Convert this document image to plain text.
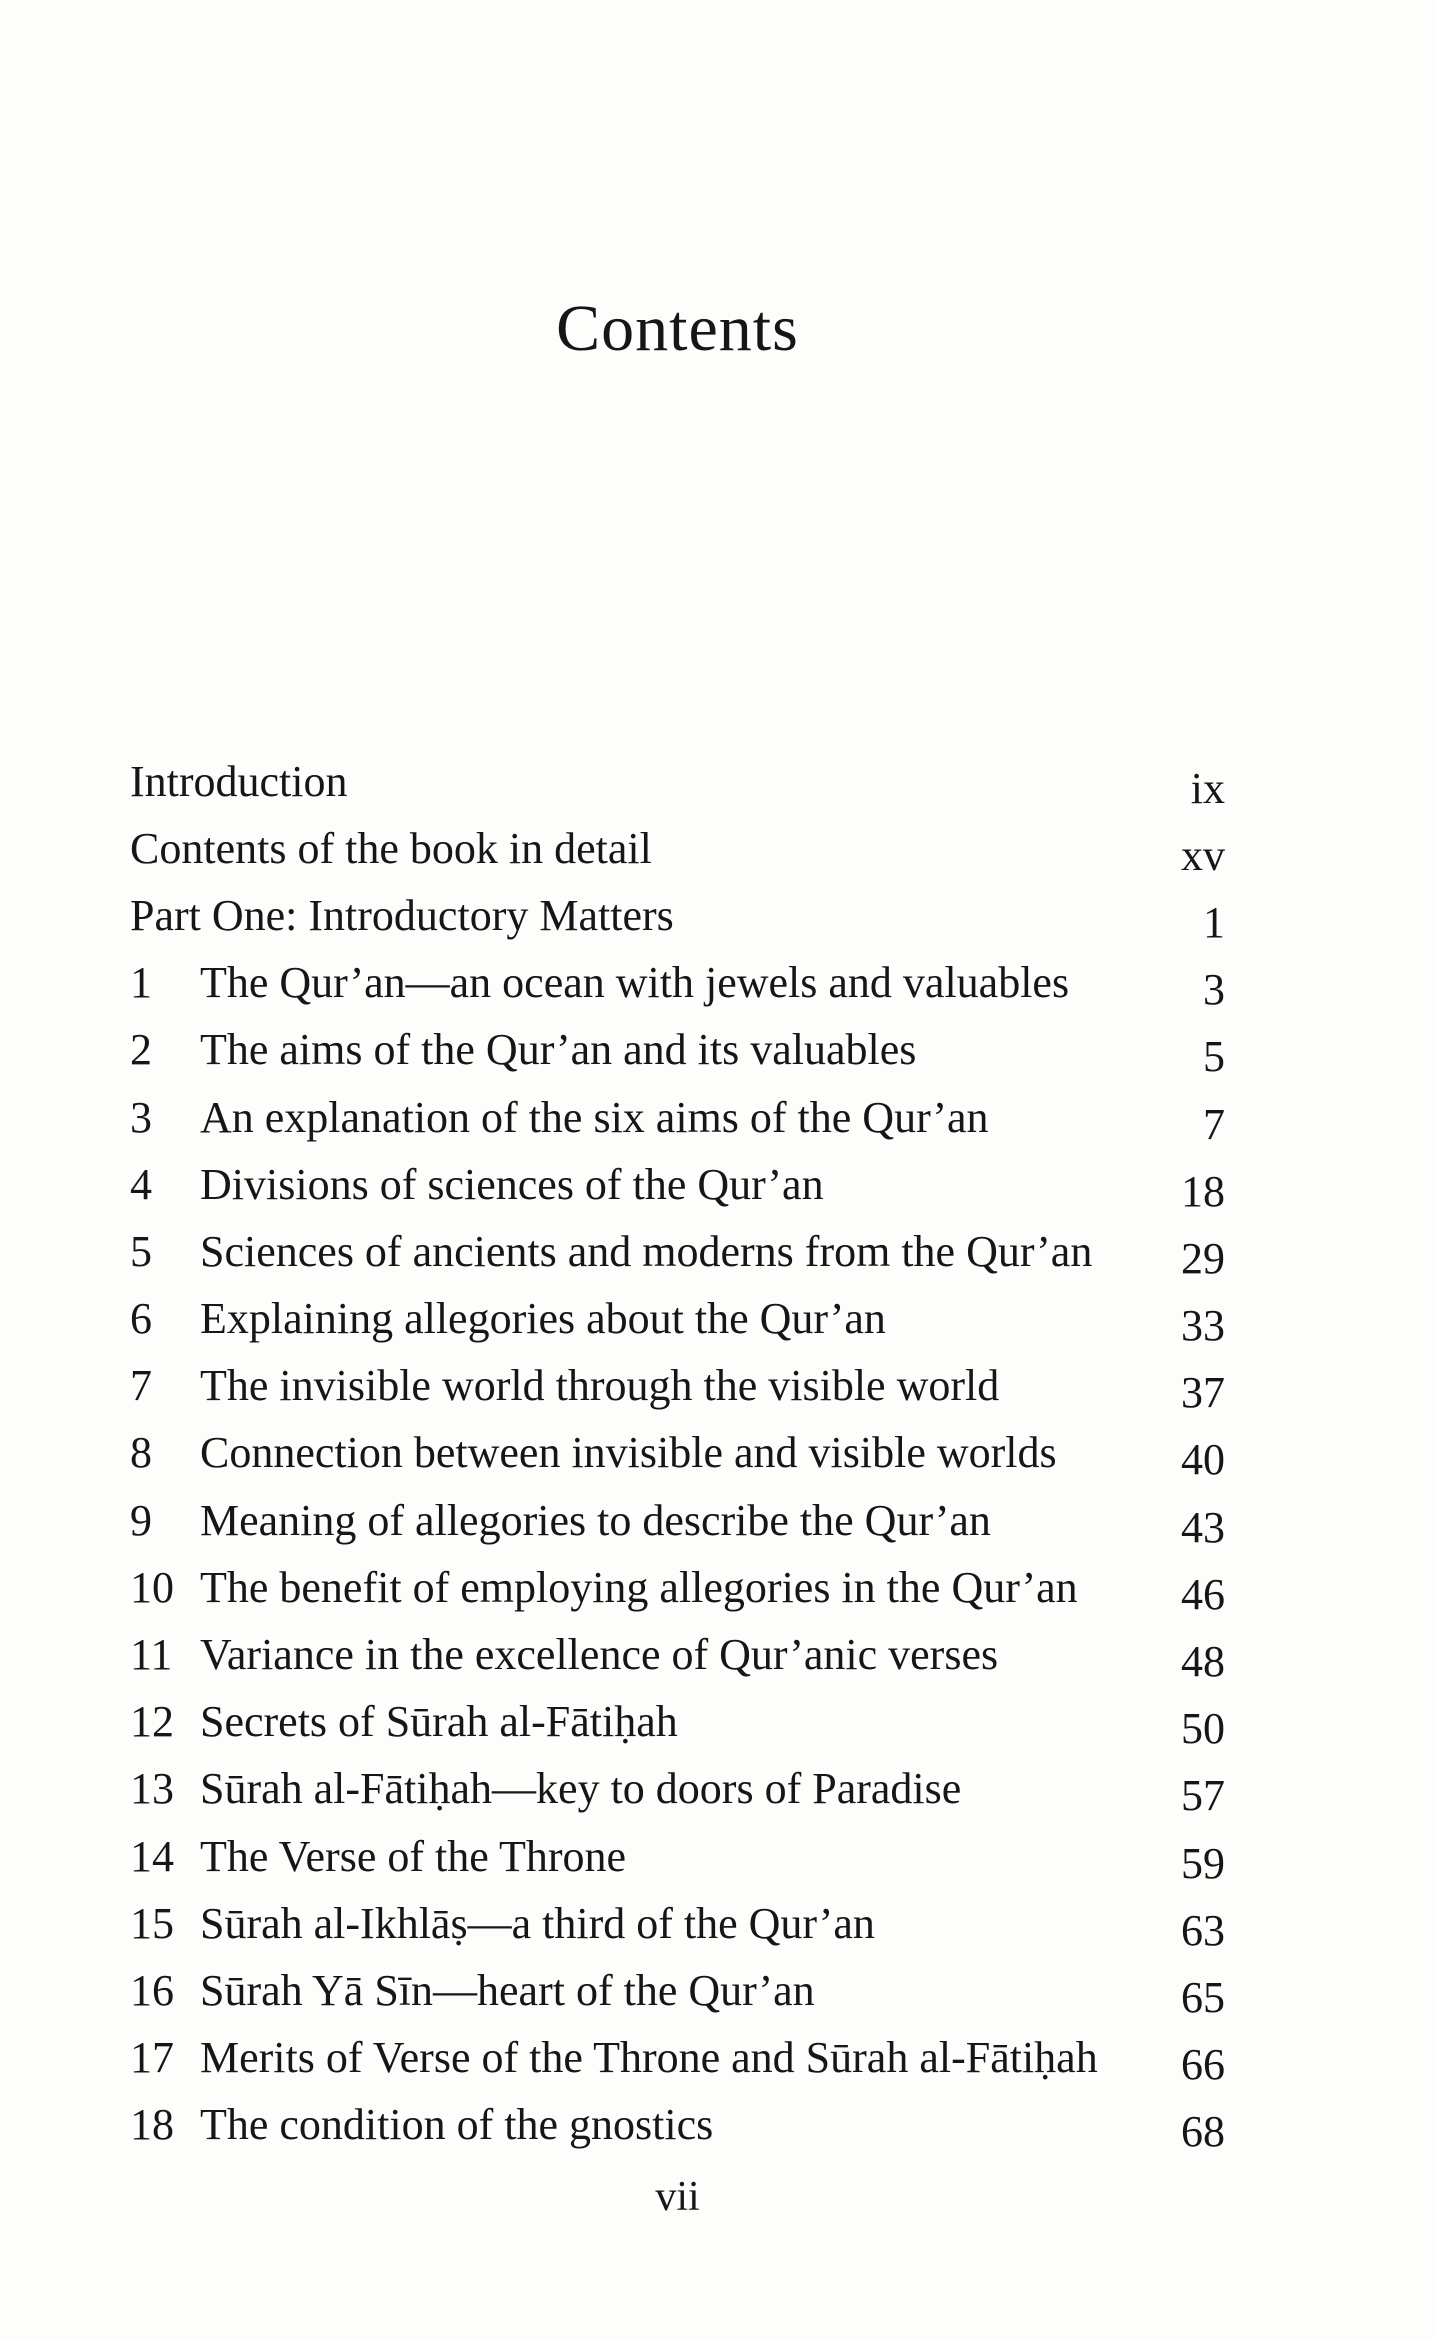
Contents
Introduction	ix
Contents of the book in detail	xv
Part One: Introductory Matters	1
1	The Qur’an—an ocean with jewels and valuables	3
2	The aims of the Qur’an and its valuables	5
3	An explanation of the six aims of the Qur’an	7
4	Divisions of sciences of the Qur’an	18
5	Sciences of ancients and moderns from the Qur’an 29
6	Explaining allegories about the Qur’an	33
7	The invisible world through the visible world	37
8	Connection between invisible and visible worlds	40
9	Meaning of allegories to describe the Qur’an	43
10 The benefit of employing allegories in the Qur’an 46
11 Variance in the excellence of Qur’anic verses	48
12 Secrets of Sūrah al-Fātiḥah	50
13 Sūrah al-Fātiḥah—key to doors of Paradise	57
14 The Verse of the Throne	59
15 Sūrah al-Ikhlāṣ—a third of the Qur’an	63
16 Sūrah Yā Sīn—heart of the Qur’an	65
17 Merits of Verse of the Throne and Sūrah al-Fātiḥah 66
18 The condition of the gnostics	68
vii
